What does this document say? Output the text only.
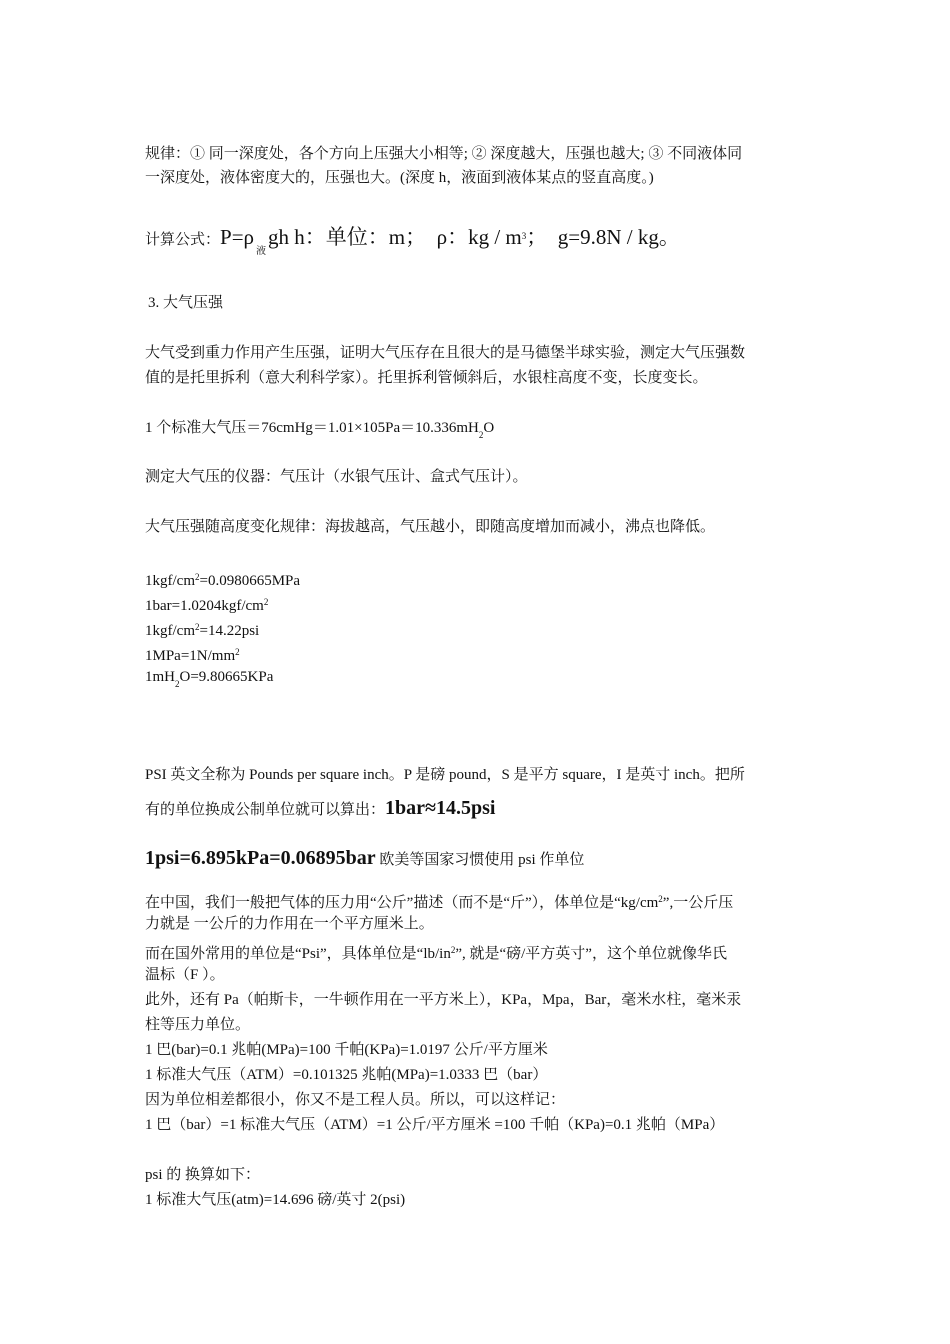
规律：① 同一深度处，各个方向上压强大小相等; ② 深度越大，压强也越大; ③ 不同液体同
一深度处，液体密度大的，压强也大。(深度 h，液面到液体某点的竖直高度。)
计算公式：$P=\rho_液gh$ h：单位：m；　ρ：kg / $m^3$；　g=9.8N / kg。
3. 大气压强
大气受到重力作用产生压强，证明大气压存在且很大的是马德堡半球实验，测定大气压强数
值的是托里拆利（意大利科学家）。托里拆利管倾斜后，水银柱高度不变，长度变长。
1 个标准大气压$=76cmHg=1.01\times 105Pa=10.336mH_2O$
测定大气压的仪器：气压计（水银气压计、盒式气压计）。
大气压强随高度变化规律：海拔越高，气压越小，即随高度增加而减小，沸点也降低。
$1kgf/cm^2=0.0980665MPa$
$1bar=1.0204kgf/cm^2$
$1kgf/cm^2=14.22psi$
$1MPa=1N/mm^2$
$1mH_2O=9.80665KPa$
PSI 英文全称为 Pounds per square inch。P 是磅 pound，S 是平方 square，I 是英寸 inch。把所
有的单位换成公制单位就可以算出：1bar≈14.5psi
1psi=6.895kPa=0.06895bar 欧美等国家习惯使用 psi 作单位
在中国，我们一般把气体的压力用“公斤”描述（而不是“斤”），体单位是“$kg/cm^2$”,一公斤压
力就是 一公斤的力作用在一个平方厘米上。
而在国外常用的单位是“Psi”，具体单位是“$lb/in^2$”, 就是“磅/平方英寸”，这个单位就像华氏
温标（F ）。
此外，还有 Pa（帕斯卡，一牛顿作用在一平方米上），KPa，Mpa，Bar，毫米水柱，毫米汞
柱等压力单位。
1 巴(bar)=0.1 兆帕(MPa)=100 千帕(KPa)=1.0197 公斤/平方厘米
1 标准大气压（ATM）=0.101325 兆帕(MPa)=1.0333 巴（bar）
因为单位相差都很小，你又不是工程人员。所以，可以这样记：
1 巴（bar）=1 标准大气压（ATM）=1 公斤/平方厘米 =100 千帕（KPa)=0.1 兆帕（MPa）
psi 的 换算如下：
1 标准大气压(atm)=14.696 磅/英寸 2(psi)
